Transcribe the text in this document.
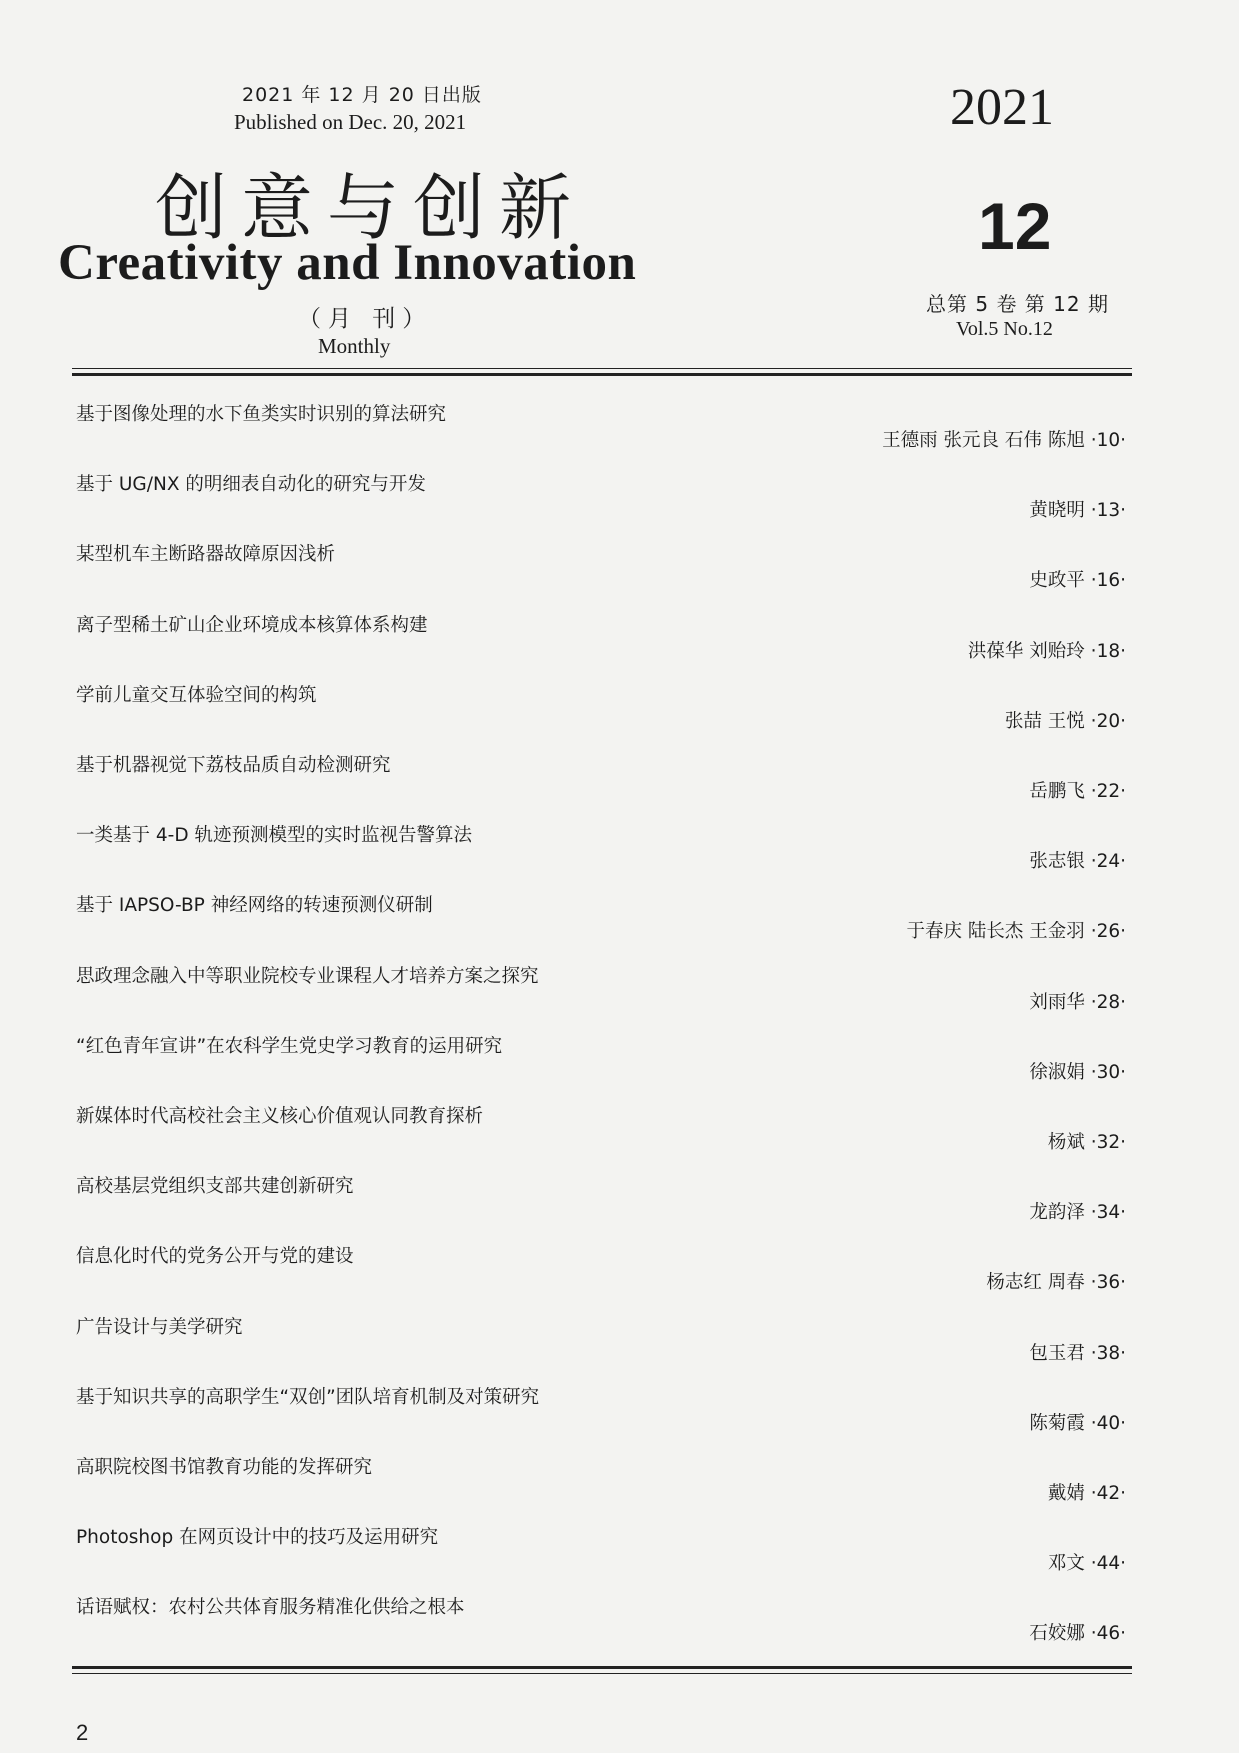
2021 年 12 月 20 日出版
Published on Dec. 20, 2021
创意与创新
Creativity and Innovation
（月 刊）
Monthly
2021
12
总第 5 卷 第 12 期
Vol.5 No.12
基于图像处理的水下鱼类实时识别的算法研究
王德雨 张元良 石伟 陈旭 ·10·
基于 UG/NX 的明细表自动化的研究与开发
黄晓明 ·13·
某型机车主断路器故障原因浅析
史政平 ·16·
离子型稀土矿山企业环境成本核算体系构建
洪葆华 刘贻玲 ·18·
学前儿童交互体验空间的构筑
张喆 王悦 ·20·
基于机器视觉下荔枝品质自动检测研究
岳鹏飞 ·22·
一类基于 4-D 轨迹预测模型的实时监视告警算法
张志银 ·24·
基于 IAPSO-BP 神经网络的转速预测仪研制
于春庆 陆长杰 王金羽 ·26·
思政理念融入中等职业院校专业课程人才培养方案之探究
刘雨华 ·28·
“红色青年宣讲”在农科学生党史学习教育的运用研究
徐淑娟 ·30·
新媒体时代高校社会主义核心价值观认同教育探析
杨斌 ·32·
高校基层党组织支部共建创新研究
龙韵泽 ·34·
信息化时代的党务公开与党的建设
杨志红 周春 ·36·
广告设计与美学研究
包玉君 ·38·
基于知识共享的高职学生“双创”团队培育机制及对策研究
陈菊霞 ·40·
高职院校图书馆教育功能的发挥研究
戴婧 ·42·
Photoshop 在网页设计中的技巧及运用研究
邓文 ·44·
话语赋权：农村公共体育服务精准化供给之根本
石姣娜 ·46·
2
